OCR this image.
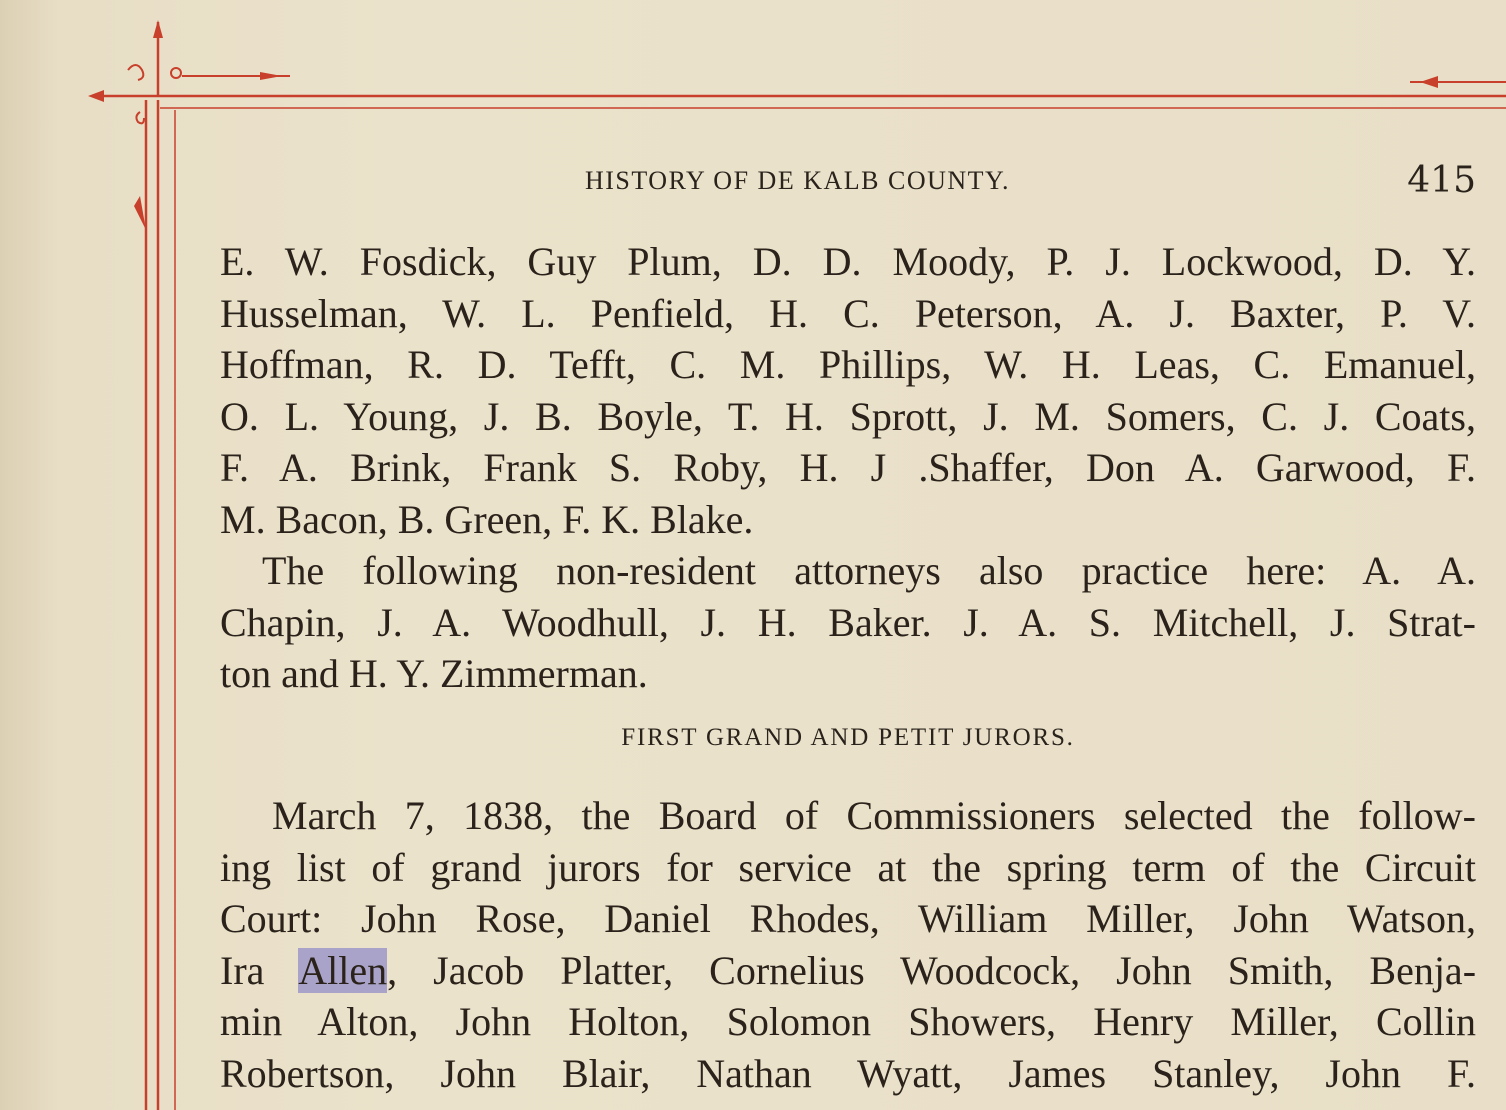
HISTORY OF DE KALB COUNTY.	415
E. W. Fosdick, Guy Plum, D. D. Moody, P. J. Lockwood, D. Y.
Husselman, W. L. Penfield, H. C. Peterson, A. J. Baxter, P. V.
Hoffman, R. D. Tefft, C. M. Phillips, W. H. Leas, C. Emanuel,
O. L. Young, J. B. Boyle, T. H. Sprott, J. M. Somers, C. J. Coats,
F. A. Brink, Frank S. Roby, H. J .Shaffer, Don A. Garwood, F.
M. Bacon, B. Green, F. K. Blake.
The following non-resident attorneys also practice here: A. A.
Chapin, J. A. Woodhull, J. H. Baker. J. A. S. Mitchell, J. Strat-
ton and H. Y. Zimmerman.
FIRST GRAND AND PETIT JURORS.
March 7, 1838, the Board of Commissioners selected the follow-
ing list of grand jurors for service at the spring term of the Circuit
Court: John Rose, Daniel Rhodes, William Miller, John Watson,
Ira Allen, Jacob Platter, Cornelius Woodcock, John Smith, Benja-
min Alton, John Holton, Solomon Showers, Henry Miller, Collin
Robertson, John Blair, Nathan Wyatt, James Stanley, John F.
